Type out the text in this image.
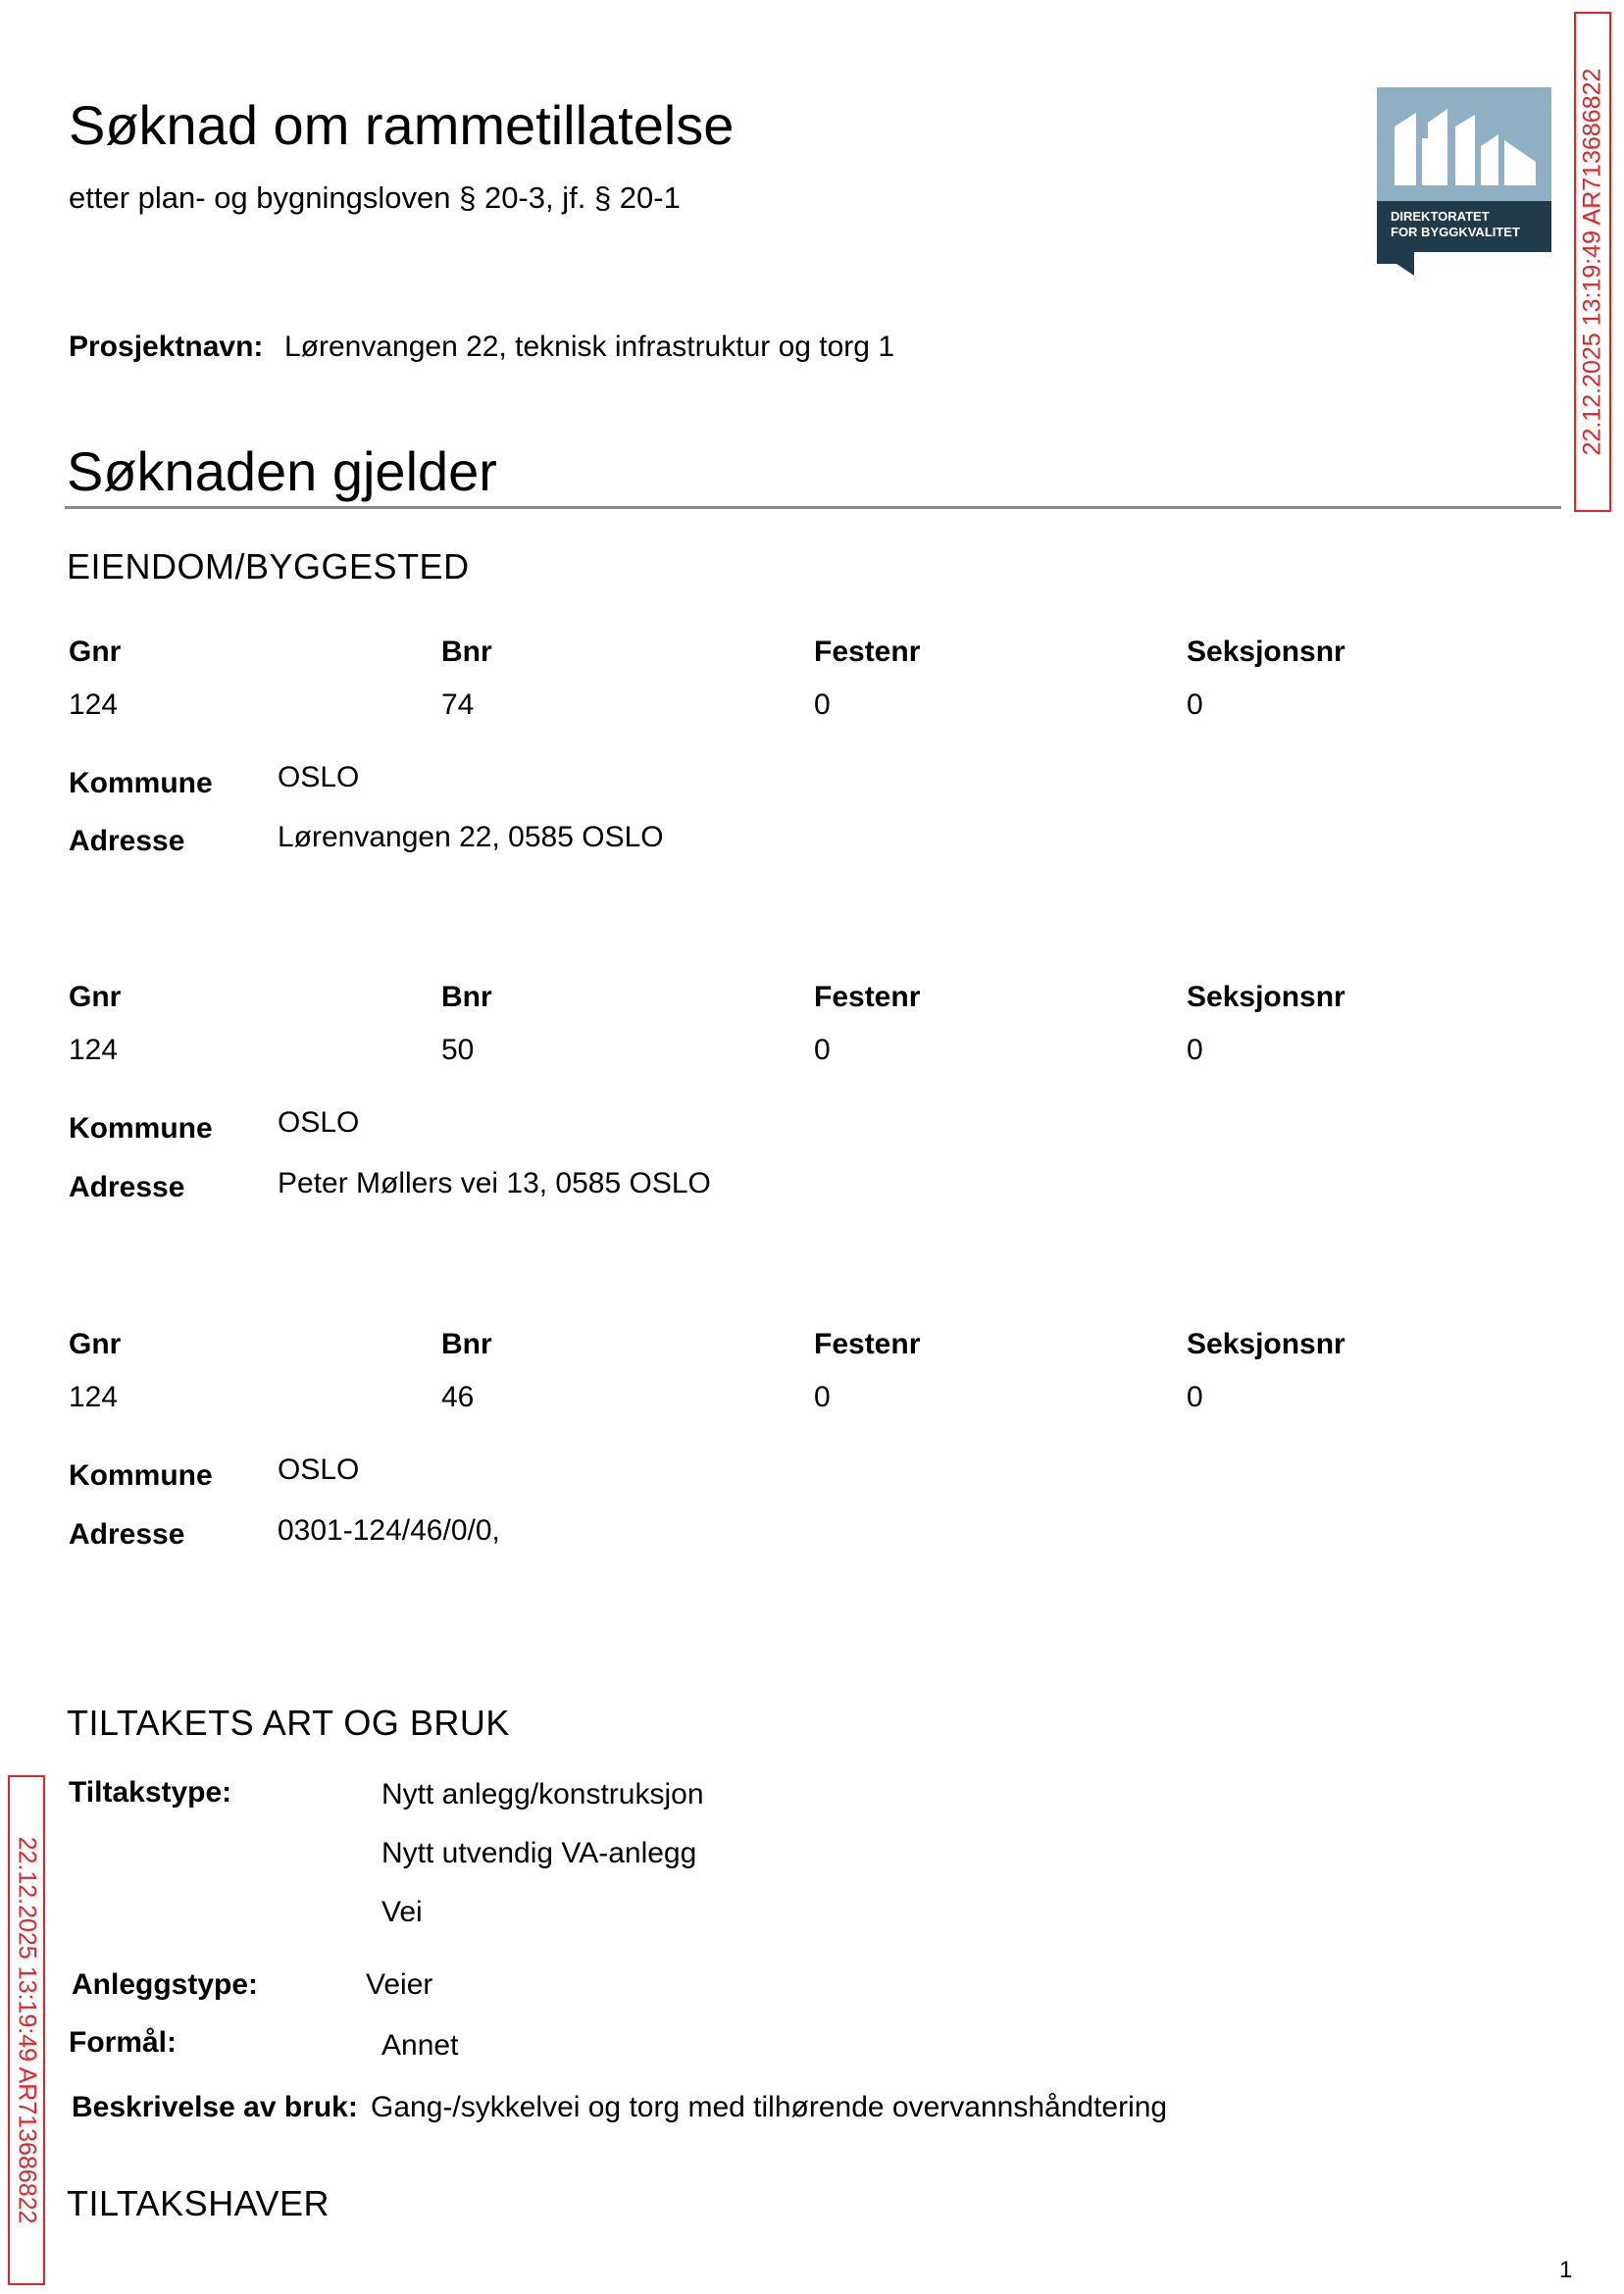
Søknad om rammetillatelse
etter plan- og bygningsloven § 20-3, jf. § 20-1
DIREKTORATET
FOR BYGGKVALITET 22.12.2025 13:19:49 AR713686822
Prosjektnavn: Lørenvangen 22, teknisk infrastruktur og torg 1
Søknaden gjelder
EIENDOM/BYGGESTED
Gnr	Bnr	Festenr	Seksjonsnr
124	74	0	0
Kommune OSLO
Adresse	Lørenvangen 22, 0585 OSLO
Gnr	Bnr	Festenr	Seksjonsnr
124	50	0	0
Kommune OSLO
Adresse	Peter Møllers vei 13, 0585 OSLO
Gnr	Bnr	Festenr	Seksjonsnr
124	46	0	0
Kommune OSLO
Adresse	0301-124/46/0/0,
TILTAKETS ART OG BRUK
Tiltakstype:	Nytt anlegg/konstruksjon
Nytt utvendig VA-anlegg
Vei
Anleggstype:	Veier
Formål:	Annet
Beskrivelse av bruk: Gang-/sykkelvei og torg med tilhørende overvannshåndtering
TILTAKSHAVER
22.12.2025 13:19:49 AR713686822
1
